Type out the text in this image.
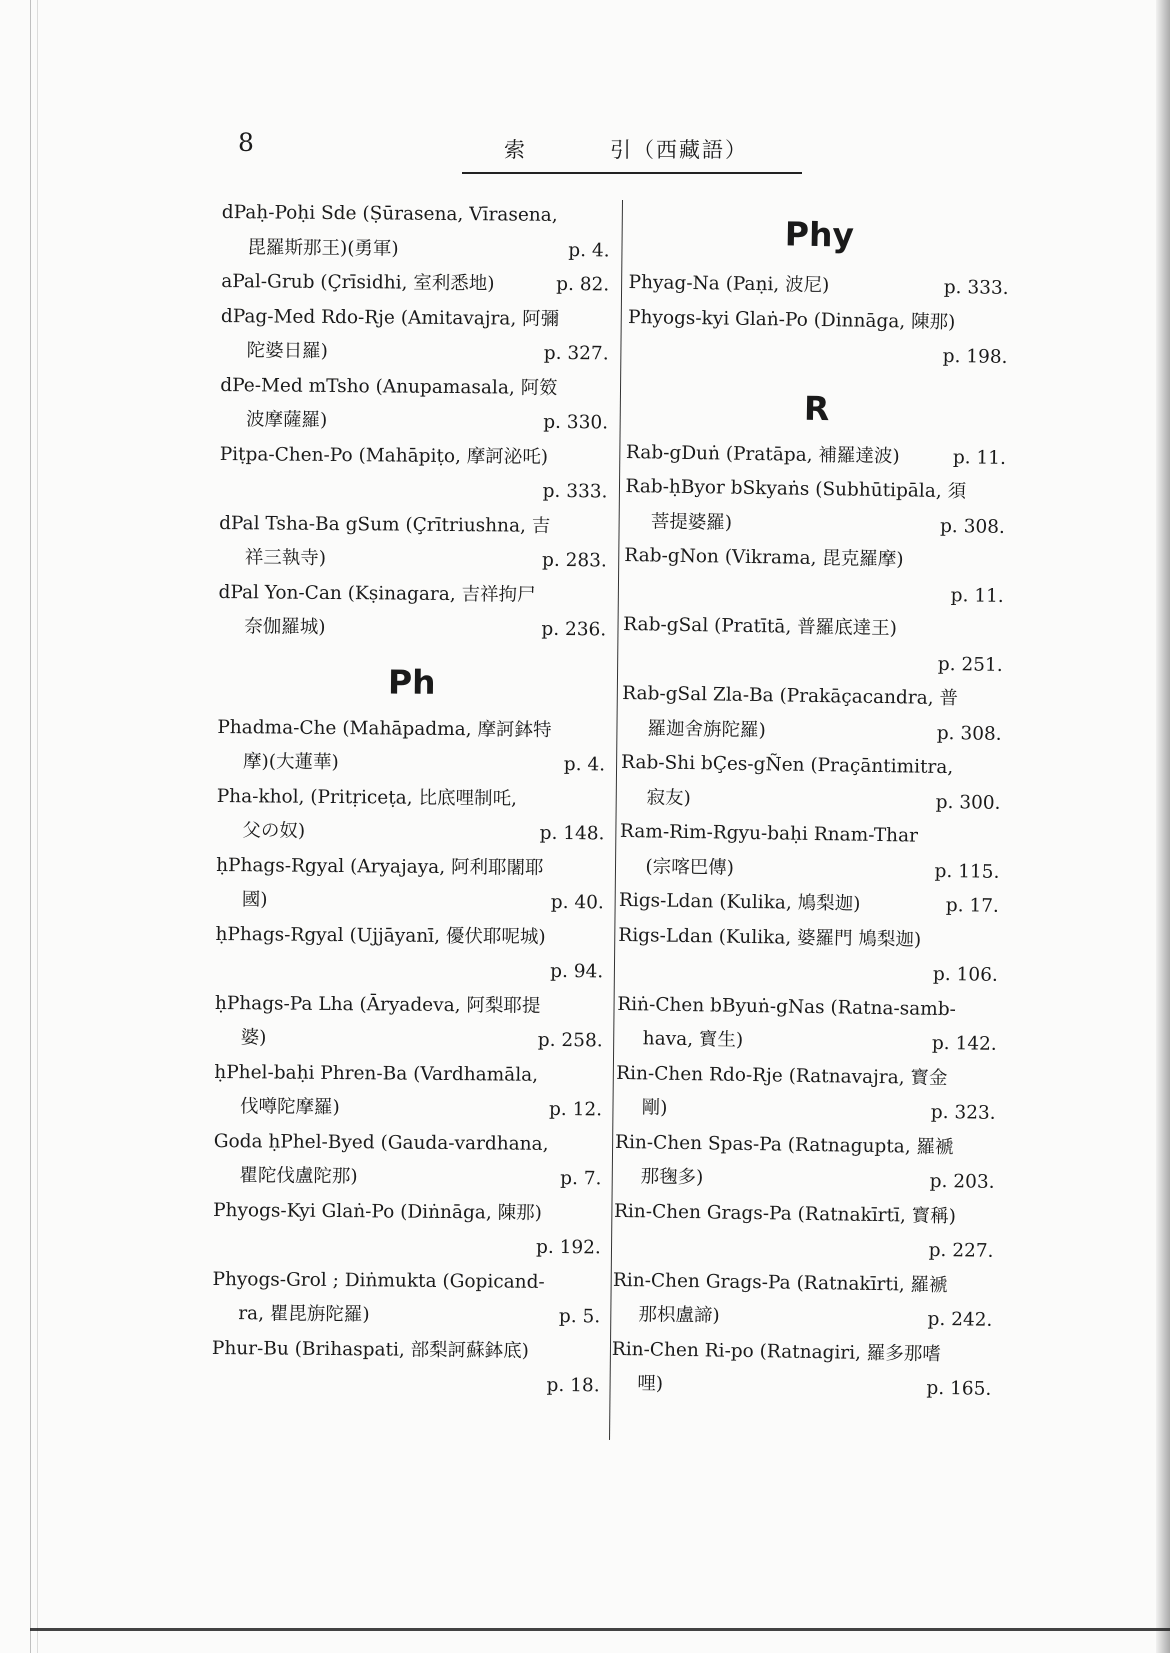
8	索	引（西藏語）
dPaḥ-Poḥi Sde (Ṣūrasena, Vīrasena,
p. 4.
毘羅斯那王)(勇軍)
p. 82.
aPal-Grub (Çrīsidhi, 室利悉地)
dPag-Med Rdo-Rje (Amitavajra, 阿彌
p. 327.
陀婆日羅)
dPe-Med mTsho (Anupamasala, 阿笯
p. 330.
波摩薩羅)
Piṭpa-Chen-Po (Mahāpiṭo, 摩訶泌吒)
p. 333.
dPal Tsha-Ba gSum (Çrītriushna, 吉
p. 283.
祥三執寺)
dPal Yon-Can (Kṣinagara, 吉祥拘尸
p. 236.
奈伽羅城)
Ph
Phadma-Che (Mahāpadma, 摩訶鉢特
p. 4.
摩)(大蓮華)
Pha-khol, (Pritṛiceṭa, 比底哩制吒,
p. 148.
父の奴)
ḥPhags-Rgyal (Aryajaya, 阿利耶闍耶
p. 40.
國)
ḥPhags-Rgyal (Ujjāyanī, 優伏耶呢城)
p. 94.
ḥPhags-Pa Lha (Āryadeva, 阿梨耶提
p. 258.
婆)
ḥPhel-baḥi Phren-Ba (Vardhamāla,
p. 12.
伐噂陀摩羅)
Goda ḥPhel-Byed (Gauda-vardhana,
p. 7.
瞿陀伐盧陀那)
Phyogs-Kyi Glaṅ-Po (Diṅnāga, 陳那)
p. 192.
Phyogs-Grol ; Diṅmukta (Gopicand-
p. 5.
ra, 瞿毘旃陀羅)
Phur-Bu (Brihaspati, 部梨訶蘇鉢底)
p. 18.
Phy
p. 333.
Phyag-Na (Paṇi, 波尼)
Phyogs-kyi Glaṅ-Po (Dinnāga, 陳那)
p. 198.
R
p. 11.
Rab-gDuṅ (Pratāpa, 補羅達波)
Rab-ḥByor bSkyaṅs (Subhūtipāla, 須
p. 308.
菩提婆羅)
Rab-gNon (Vikrama, 毘克羅摩)
p. 11.
Rab-gSal (Pratītā, 普羅底達王)
p. 251.
Rab-gSal Zla-Ba (Prakāçacandra, 普
p. 308.
羅迦舍旃陀羅)
Rab-Shi bÇes-gÑen (Praçāntimitra,
p. 300.
寂友)
Ram-Rim-Rgyu-baḥi Rnam-Thar
p. 115.
(宗喀巴傳)
p. 17.
Rigs-Ldan (Kulika, 鳩梨迦)
Rigs-Ldan (Kulika, 婆羅門 鳩梨迦)
p. 106.
Riṅ-Chen bByuṅ-gNas (Ratna-samb-
p. 142.
hava, 寳生)
Rin-Chen Rdo-Rje (Ratnavajra, 寳金
p. 323.
剛)
Rin-Chen Spas-Pa (Ratnagupta, 羅褫
p. 203.
那毱多)
Rin-Chen Grags-Pa (Ratnakīrtī, 寳稱)
p. 227.
Rin-Chen Grags-Pa (Ratnakīrti, 羅褫
p. 242.
那枳盧諦)
Rin-Chen Ri-po (Ratnagiri, 羅多那嗜
p. 165.
哩)
